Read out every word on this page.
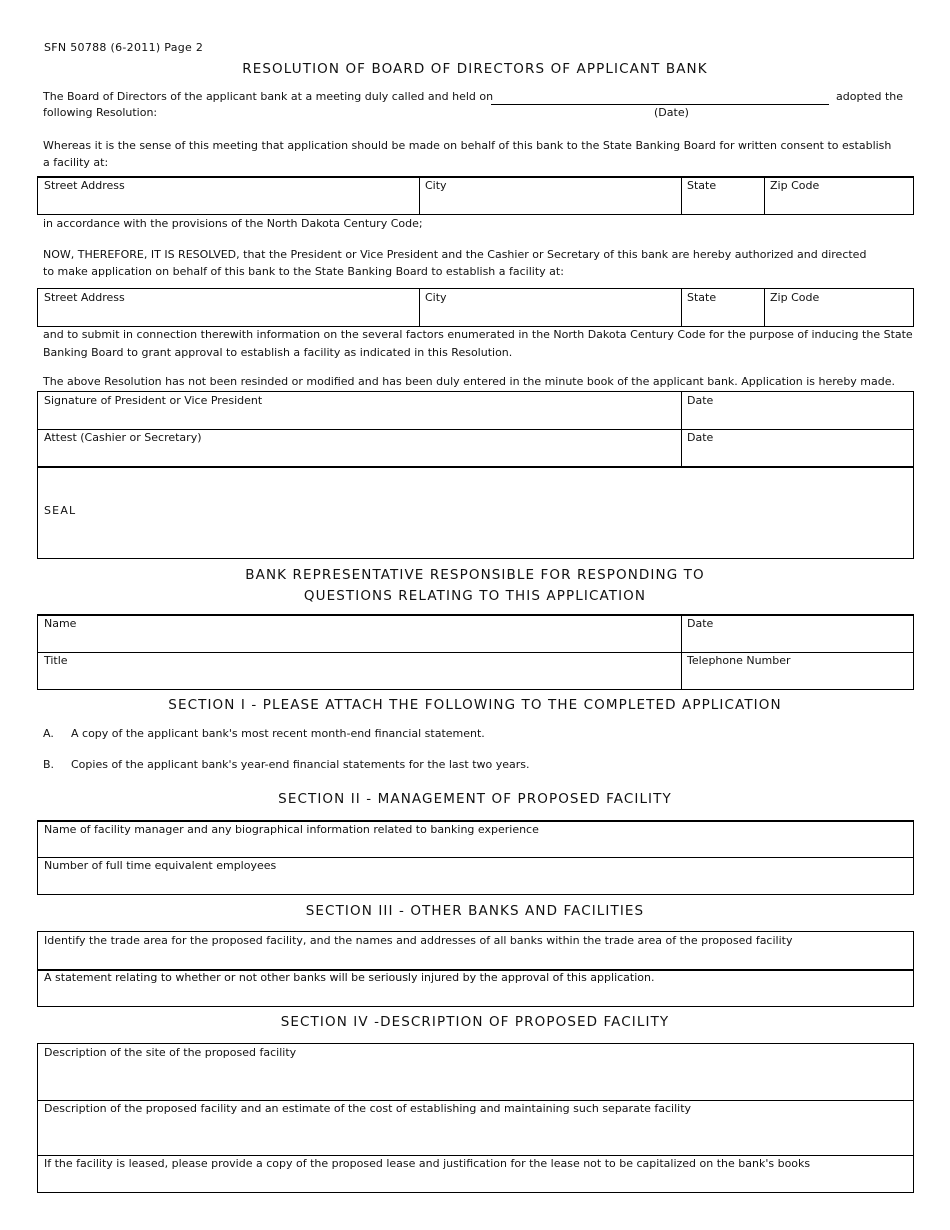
SFN 50788 (6-2011) Page 2
RESOLUTION OF BOARD OF DIRECTORS OF APPLICANT BANK
The Board of Directors of the applicant bank at a meeting duly called and held on	adopted the
following Resolution:	(Date)
Whereas it is the sense of this meeting that application should be made on behalf of this bank to the State Banking Board for written consent to establish
a facility at:
Street Address	City	State	Zip Code
in accordance with the provisions of the North Dakota Century Code;
NOW, THEREFORE, IT IS RESOLVED, that the President or Vice President and the Cashier or Secretary of this bank are hereby authorized and directed
to make application on behalf of this bank to the State Banking Board to establish a facility at:
Street Address	City	State	Zip Code
and to submit in connection therewith information on the several factors enumerated in the North Dakota Century Code for the purpose of inducing the State
Banking Board to grant approval to establish a facility as indicated in this Resolution.
The above Resolution has not been resinded or modified and has been duly entered in the minute book of the applicant bank. Application is hereby made.
Signature of President or Vice President	Date
Attest (Cashier or Secretary)	Date
SEAL
BANK REPRESENTATIVE RESPONSIBLE FOR RESPONDING TO
QUESTIONS RELATING TO THIS APPLICATION
Name	Date
Title	Telephone Number
SECTION I - PLEASE ATTACH THE FOLLOWING TO THE COMPLETED APPLICATION
A. A copy of the applicant bank's most recent month-end financial statement.
B. Copies of the applicant bank's year-end financial statements for the last two years.
SECTION II - MANAGEMENT OF PROPOSED FACILITY
Name of facility manager and any biographical information related to banking experience
Number of full time equivalent employees
SECTION III - OTHER BANKS AND FACILITIES
Identify the trade area for the proposed facility, and the names and addresses of all banks within the trade area of the proposed facility
A statement relating to whether or not other banks will be seriously injured by the approval of this application.
SECTION IV -DESCRIPTION OF PROPOSED FACILITY
Description of the site of the proposed facility
Description of the proposed facility and an estimate of the cost of establishing and maintaining such separate facility
If the facility is leased, please provide a copy of the proposed lease and justification for the lease not to be capitalized on the bank's books
